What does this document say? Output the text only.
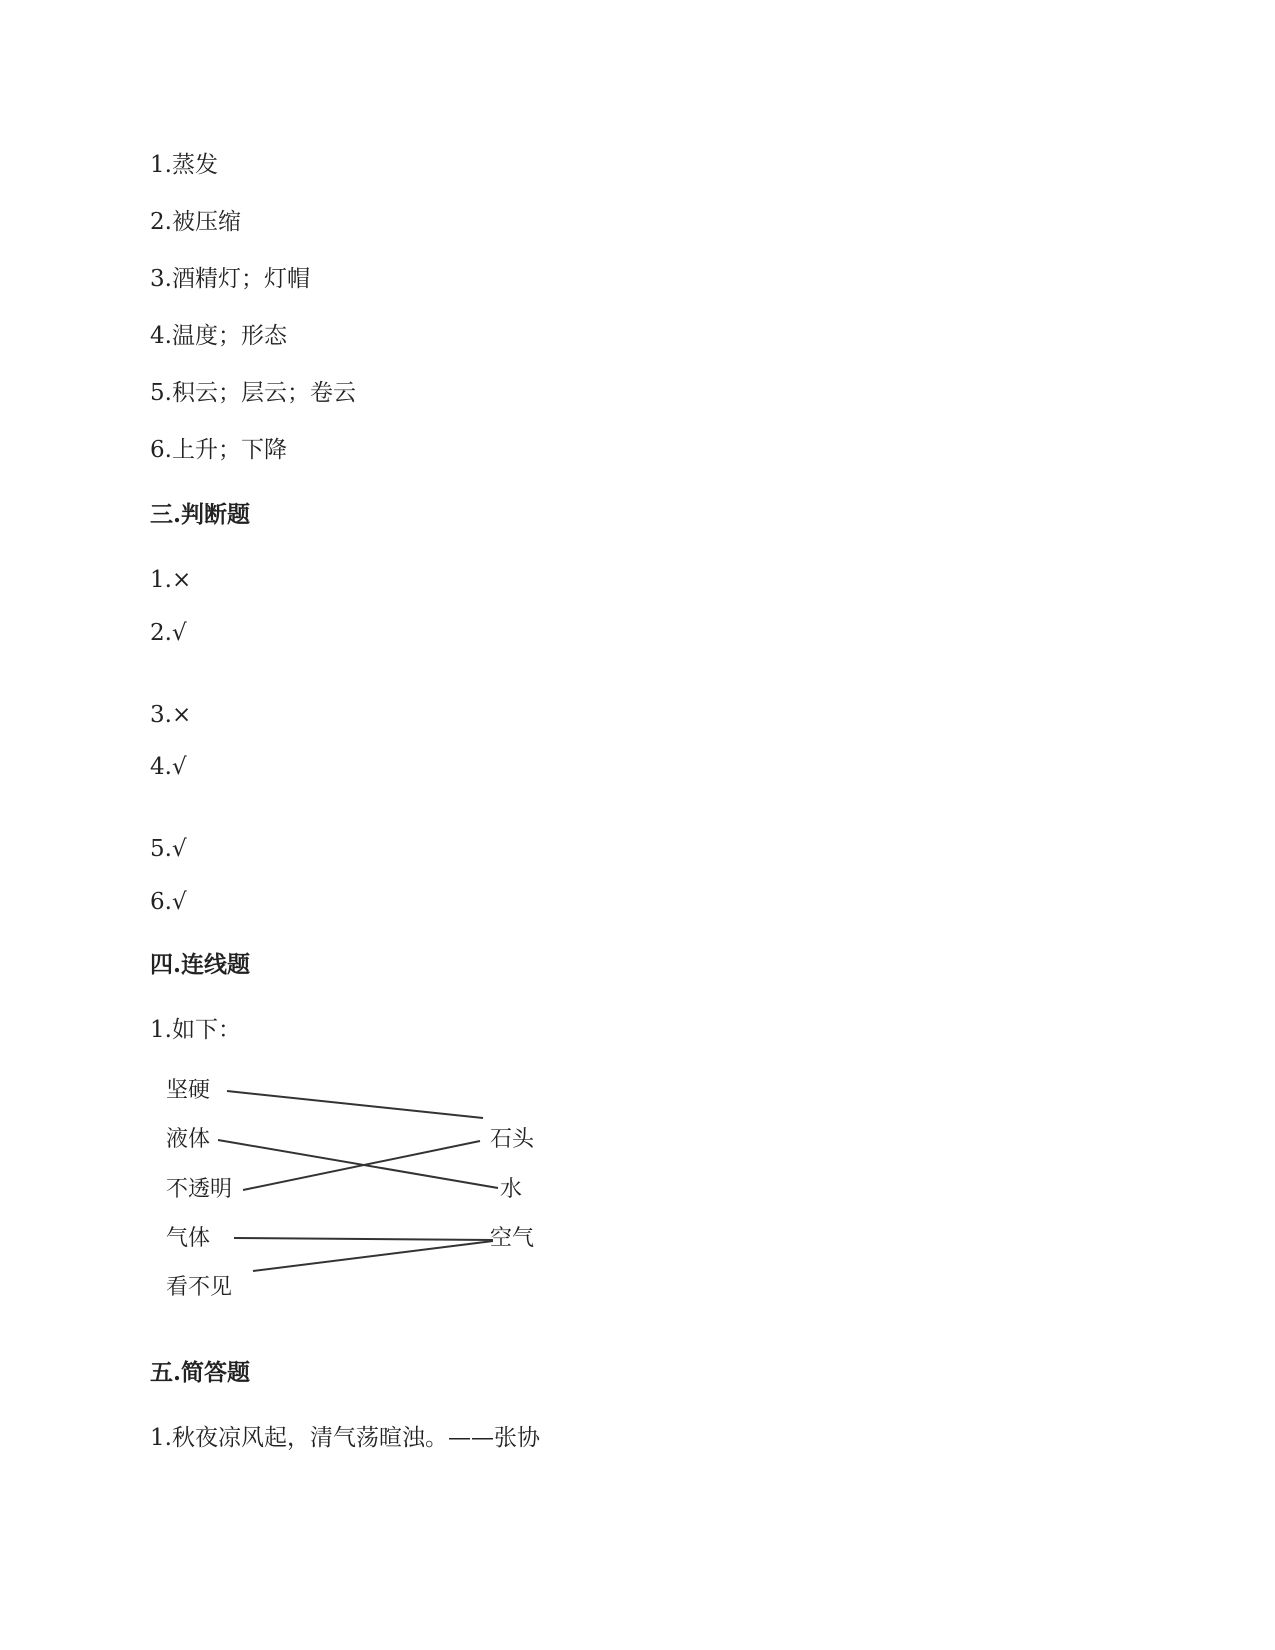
1.蒸发
2.被压缩
3.酒精灯；灯帽
4.温度；形态
5.积云；层云；卷云
6.上升；下降
三.判断题
1.×
2.√
3.×
4.√
5.√
6.√
四.连线题
1.如下：
坚硬
液体
不透明
气体
看不见
石头
水
空气
五.简答题
1.秋夜凉风起，清气荡暄浊。——张协
